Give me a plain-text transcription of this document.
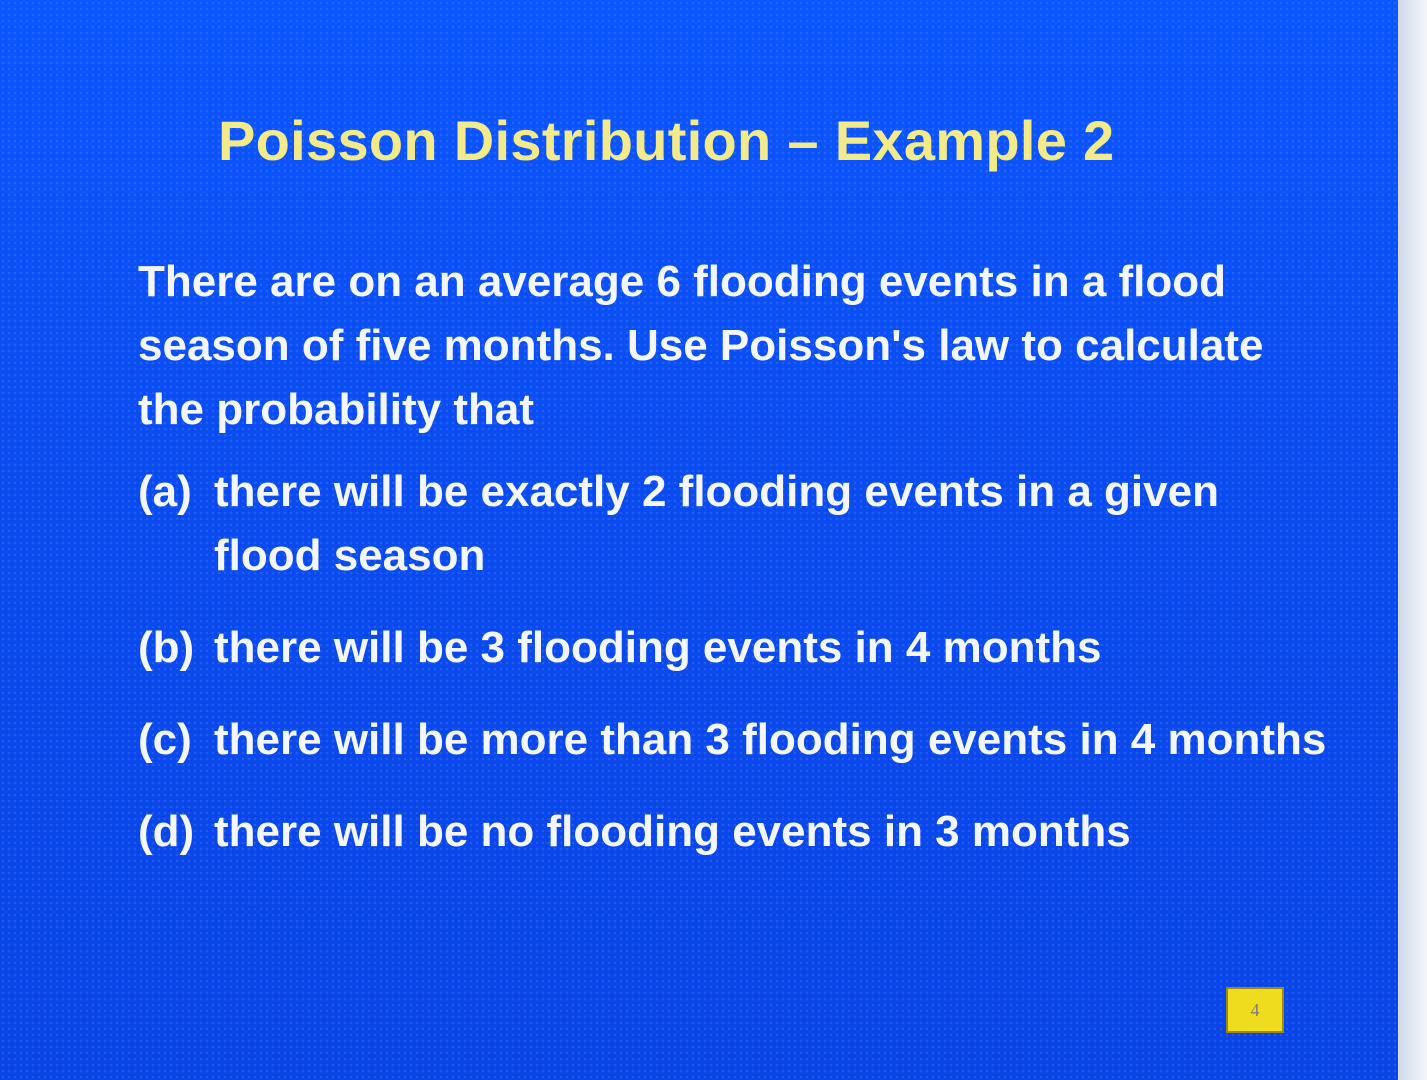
Poisson Distribution – Example 2

There are on an average 6 flooding events in a flood season of five months. Use Poisson's law to calculate the probability that

(a) there will be exactly 2 flooding events in a given flood season
(b) there will be 3 flooding events in 4 months
(c) there will be more than 3 flooding events in 4 months
(d) there will be no flooding events in 3 months
4
